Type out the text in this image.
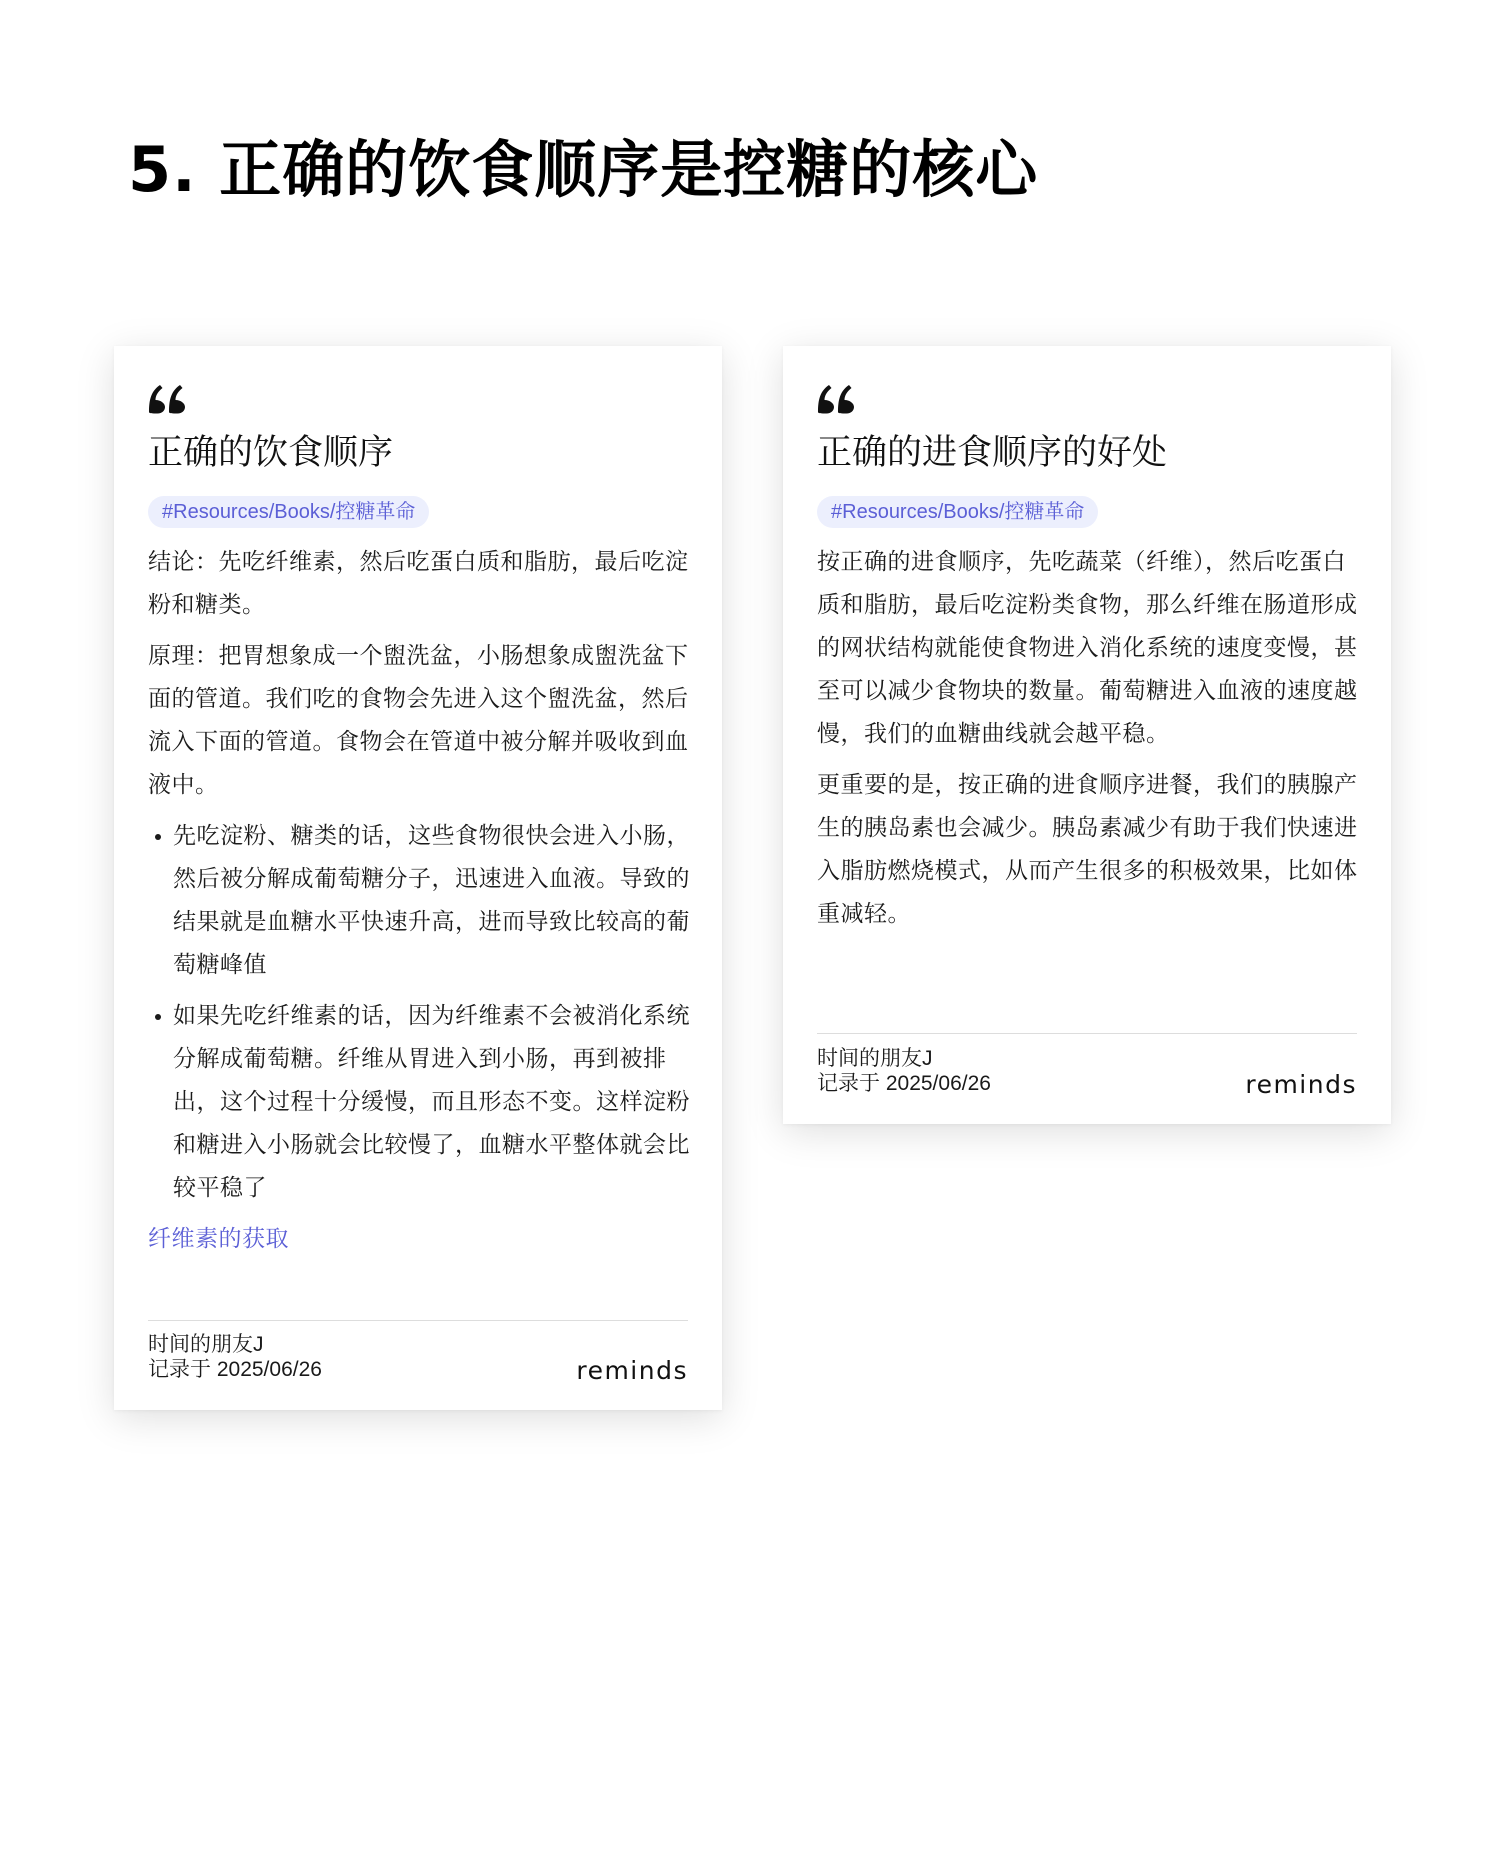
5. 正确的饮食顺序是控糖的核心
正确的饮食顺序
#Resources/Books/控糖革命

结论：先吃纤维素，然后吃蛋白质和脂肪，最后吃淀粉和糖类。

原理：把胃想象成一个盥洗盆，小肠想象成盥洗盆下面的管道。我们吃的食物会先进入这个盥洗盆，然后流入下面的管道。食物会在管道中被分解并吸收到血液中。

先吃淀粉、糖类的话，这些食物很快会进入小肠，然后被分解成葡萄糖分子，迅速进入血液。导致的结果就是血糖水平快速升高，进而导致比较高的葡萄糖峰值
如果先吃纤维素的话，因为纤维素不会被消化系统分解成葡萄糖。纤维从胃进入到小肠，再到被排出，这个过程十分缓慢，而且形态不变。这样淀粉和糖进入小肠就会比较慢了，血糖水平整体就会比较平稳了
纤维素的获取
时间的朋友J
记录于 2025/06/26	reminds
正确的进食顺序的好处
#Resources/Books/控糖革命

按正确的进食顺序，先吃蔬菜（纤维），然后吃蛋白质和脂肪，最后吃淀粉类食物，那么纤维在肠道形成的网状结构就能使食物进入消化系统的速度变慢，甚至可以减少食物块的数量。葡萄糖进入血液的速度越慢，我们的血糖曲线就会越平稳。

更重要的是，按正确的进食顺序进餐，我们的胰腺产生的胰岛素也会减少。胰岛素减少有助于我们快速进入脂肪燃烧模式，从而产生很多的积极效果，比如体重减轻。

时间的朋友J
记录于 2025/06/26	reminds
